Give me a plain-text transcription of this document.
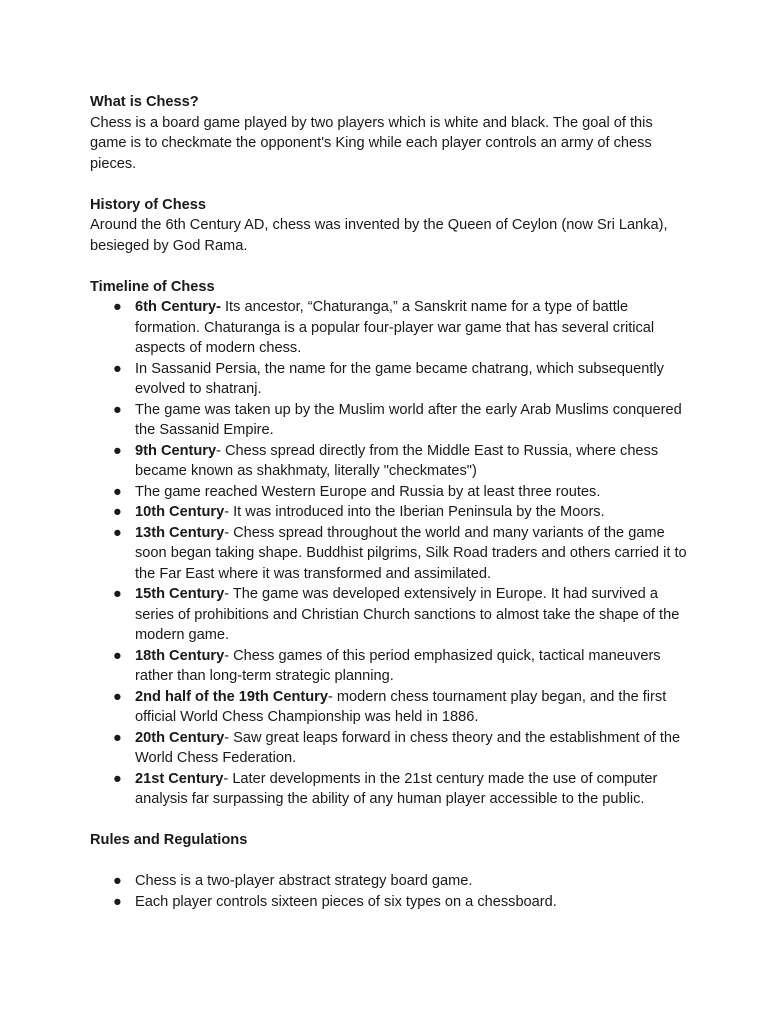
What is Chess?

Chess is a board game played by two players which is white and black. The goal of this game is to checkmate the opponent's King while each player controls an army of chess pieces.

History of Chess

Around the 6th Century AD, chess was invented by the Queen of Ceylon (now Sri Lanka), besieged by God Rama.

Timeline of Chess

● 6th Century- Its ancestor, “Chaturanga,” a Sanskrit name for a type of battle formation. Chaturanga is a popular four-player war game that has several critical aspects of modern chess.
● In Sassanid Persia, the name for the game became chatrang, which subsequently evolved to shatranj.
● The game was taken up by the Muslim world after the early Arab Muslims conquered the Sassanid Empire.
● 9th Century- Chess spread directly from the Middle East to Russia, where chess became known as shakhmaty, literally "checkmates")
● The game reached Western Europe and Russia by at least three routes.
● 10th Century- It was introduced into the Iberian Peninsula by the Moors.
● 13th Century- Chess spread throughout the world and many variants of the game soon began taking shape. Buddhist pilgrims, Silk Road traders and others carried it to the Far East where it was transformed and assimilated.
● 15th Century- The game was developed extensively in Europe. It had survived a series of prohibitions and Christian Church sanctions to almost take the shape of the modern game.
● 18th Century- Chess games of this period emphasized quick, tactical maneuvers rather than long-term strategic planning.
● 2nd half of the 19th Century- modern chess tournament play began, and the first official World Chess Championship was held in 1886.
● 20th Century- Saw great leaps forward in chess theory and the establishment of the World Chess Federation.
● 21st Century- Later developments in the 21st century made the use of computer analysis far surpassing the ability of any human player accessible to the public.

Rules and Regulations

● Chess is a two-player abstract strategy board game.
● Each player controls sixteen pieces of six types on a chessboard.
